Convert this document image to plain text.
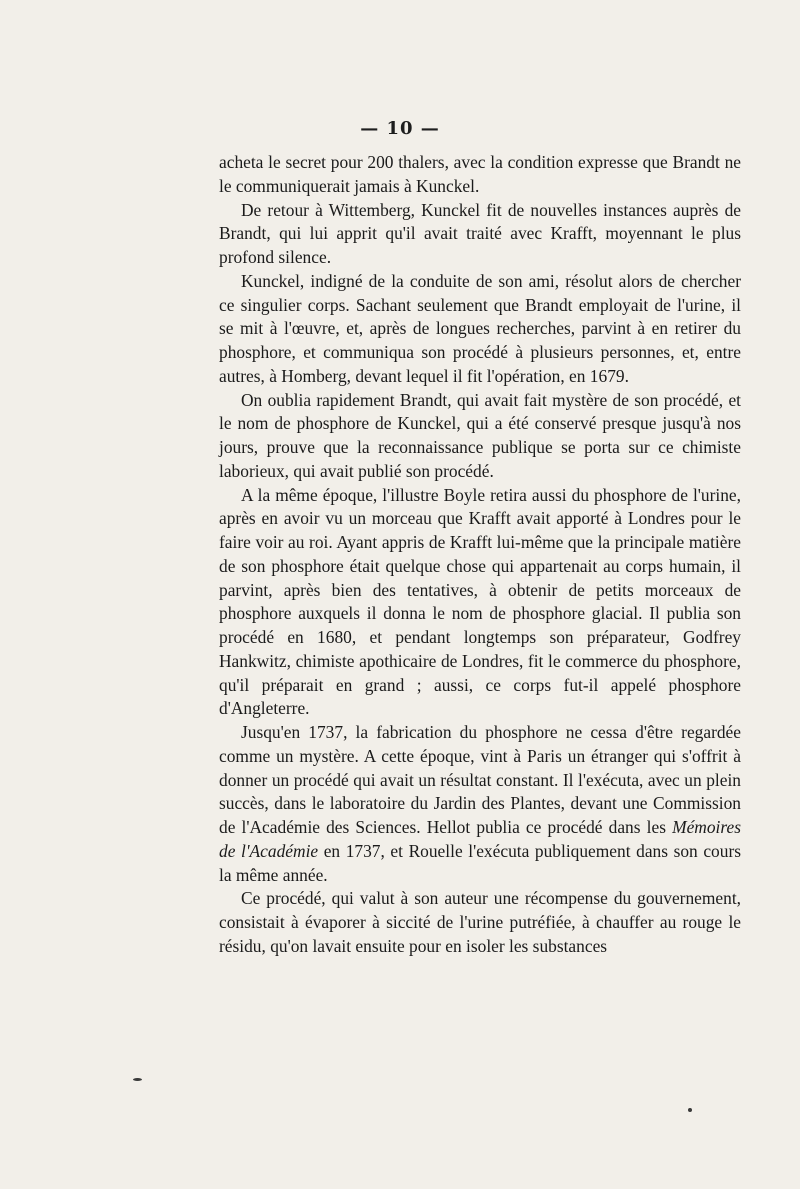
— 10 —

acheta le secret pour 200 thalers, avec la condition expresse que Brandt ne le communiquerait jamais à Kunckel.

De retour à Wittemberg, Kunckel fit de nouvelles instances auprès de Brandt, qui lui apprit qu'il avait traité avec Krafft, moyennant le plus profond silence.

Kunckel, indigné de la conduite de son ami, résolut alors de chercher ce singulier corps. Sachant seulement que Brandt employait de l'urine, il se mit à l'œuvre, et, après de longues recherches, parvint à en retirer du phosphore, et communiqua son procédé à plusieurs personnes, et, entre autres, à Homberg, devant lequel il fit l'opération, en 1679.

On oublia rapidement Brandt, qui avait fait mystère de son procédé, et le nom de phosphore de Kunckel, qui a été conservé presque jusqu'à nos jours, prouve que la reconnaissance publique se porta sur ce chimiste laborieux, qui avait publié son procédé.

A la même époque, l'illustre Boyle retira aussi du phosphore de l'urine, après en avoir vu un morceau que Krafft avait apporté à Londres pour le faire voir au roi. Ayant appris de Krafft lui-même que la principale matière de son phosphore était quelque chose qui appartenait au corps humain, il parvint, après bien des tentatives, à obtenir de petits morceaux de phosphore auxquels il donna le nom de phosphore glacial. Il publia son procédé en 1680, et pendant longtemps son préparateur, Godfrey Hankwitz, chimiste apothicaire de Londres, fit le commerce du phosphore, qu'il préparait en grand ; aussi, ce corps fut-il appelé phosphore d'Angleterre.

Jusqu'en 1737, la fabrication du phosphore ne cessa d'être regardée comme un mystère. A cette époque, vint à Paris un étranger qui s'offrit à donner un procédé qui avait un résultat constant. Il l'exécuta, avec un plein succès, dans le laboratoire du Jardin des Plantes, devant une Commission de l'Académie des Sciences. Hellot publia ce procédé dans les Mémoires de l'Académie en 1737, et Rouelle l'exécuta publiquement dans son cours la même année.

Ce procédé, qui valut à son auteur une récompense du gouvernement, consistait à évaporer à siccité de l'urine putréfiée, à chauffer au rouge le résidu, qu'on lavait ensuite pour en isoler les substances
